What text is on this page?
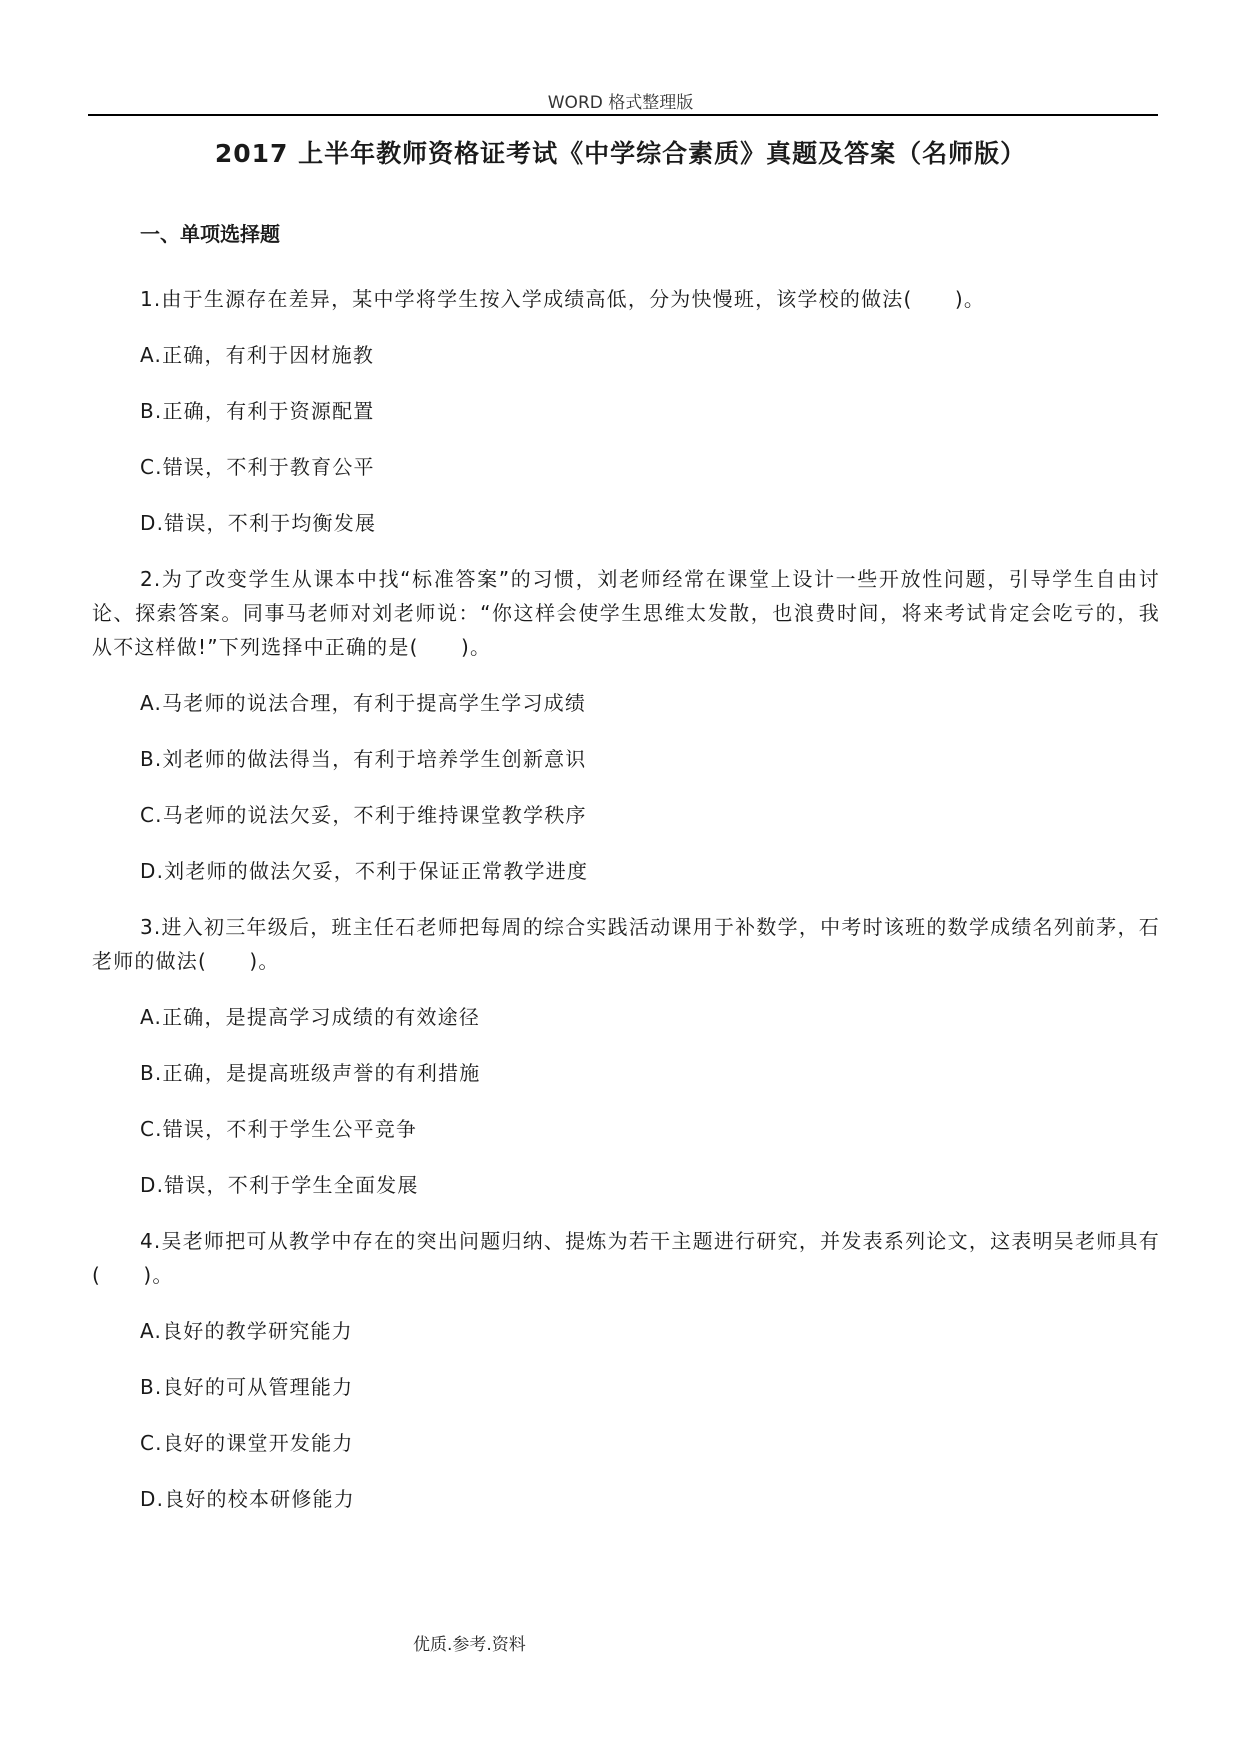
WORD 格式整理版
2017 上半年教师资格证考试《中学综合素质》真题及答案（名师版）
一、单项选择题

1.由于生源存在差异，某中学将学生按入学成绩高低，分为快慢班，该学校的做法(　　)。

A.正确，有利于因材施教

B.正确，有利于资源配置

C.错误，不利于教育公平

D.错误，不利于均衡发展

2.为了改变学生从课本中找“标准答案”的习惯，刘老师经常在课堂上设计一些开放性问题，引导学生自由讨论、探索答案。同事马老师对刘老师说：“你这样会使学生思维太发散，也浪费时间，将来考试肯定会吃亏的，我从不这样做!”下列选择中正确的是(　　)。

A.马老师的说法合理，有利于提高学生学习成绩

B.刘老师的做法得当，有利于培养学生创新意识

C.马老师的说法欠妥，不利于维持课堂教学秩序

D.刘老师的做法欠妥，不利于保证正常教学进度

3.进入初三年级后，班主任石老师把每周的综合实践活动课用于补数学，中考时该班的数学成绩名列前茅，石老师的做法(　　)。

A.正确，是提高学习成绩的有效途径

B.正确，是提高班级声誉的有利措施

C.错误，不利于学生公平竞争

D.错误，不利于学生全面发展

4.吴老师把可从教学中存在的突出问题归纳、提炼为若干主题进行研究，并发表系列论文，这表明吴老师具有(　　)。

A.良好的教学研究能力

B.良好的可从管理能力

C.良好的课堂开发能力

D.良好的校本研修能力

优质.参考.资料
